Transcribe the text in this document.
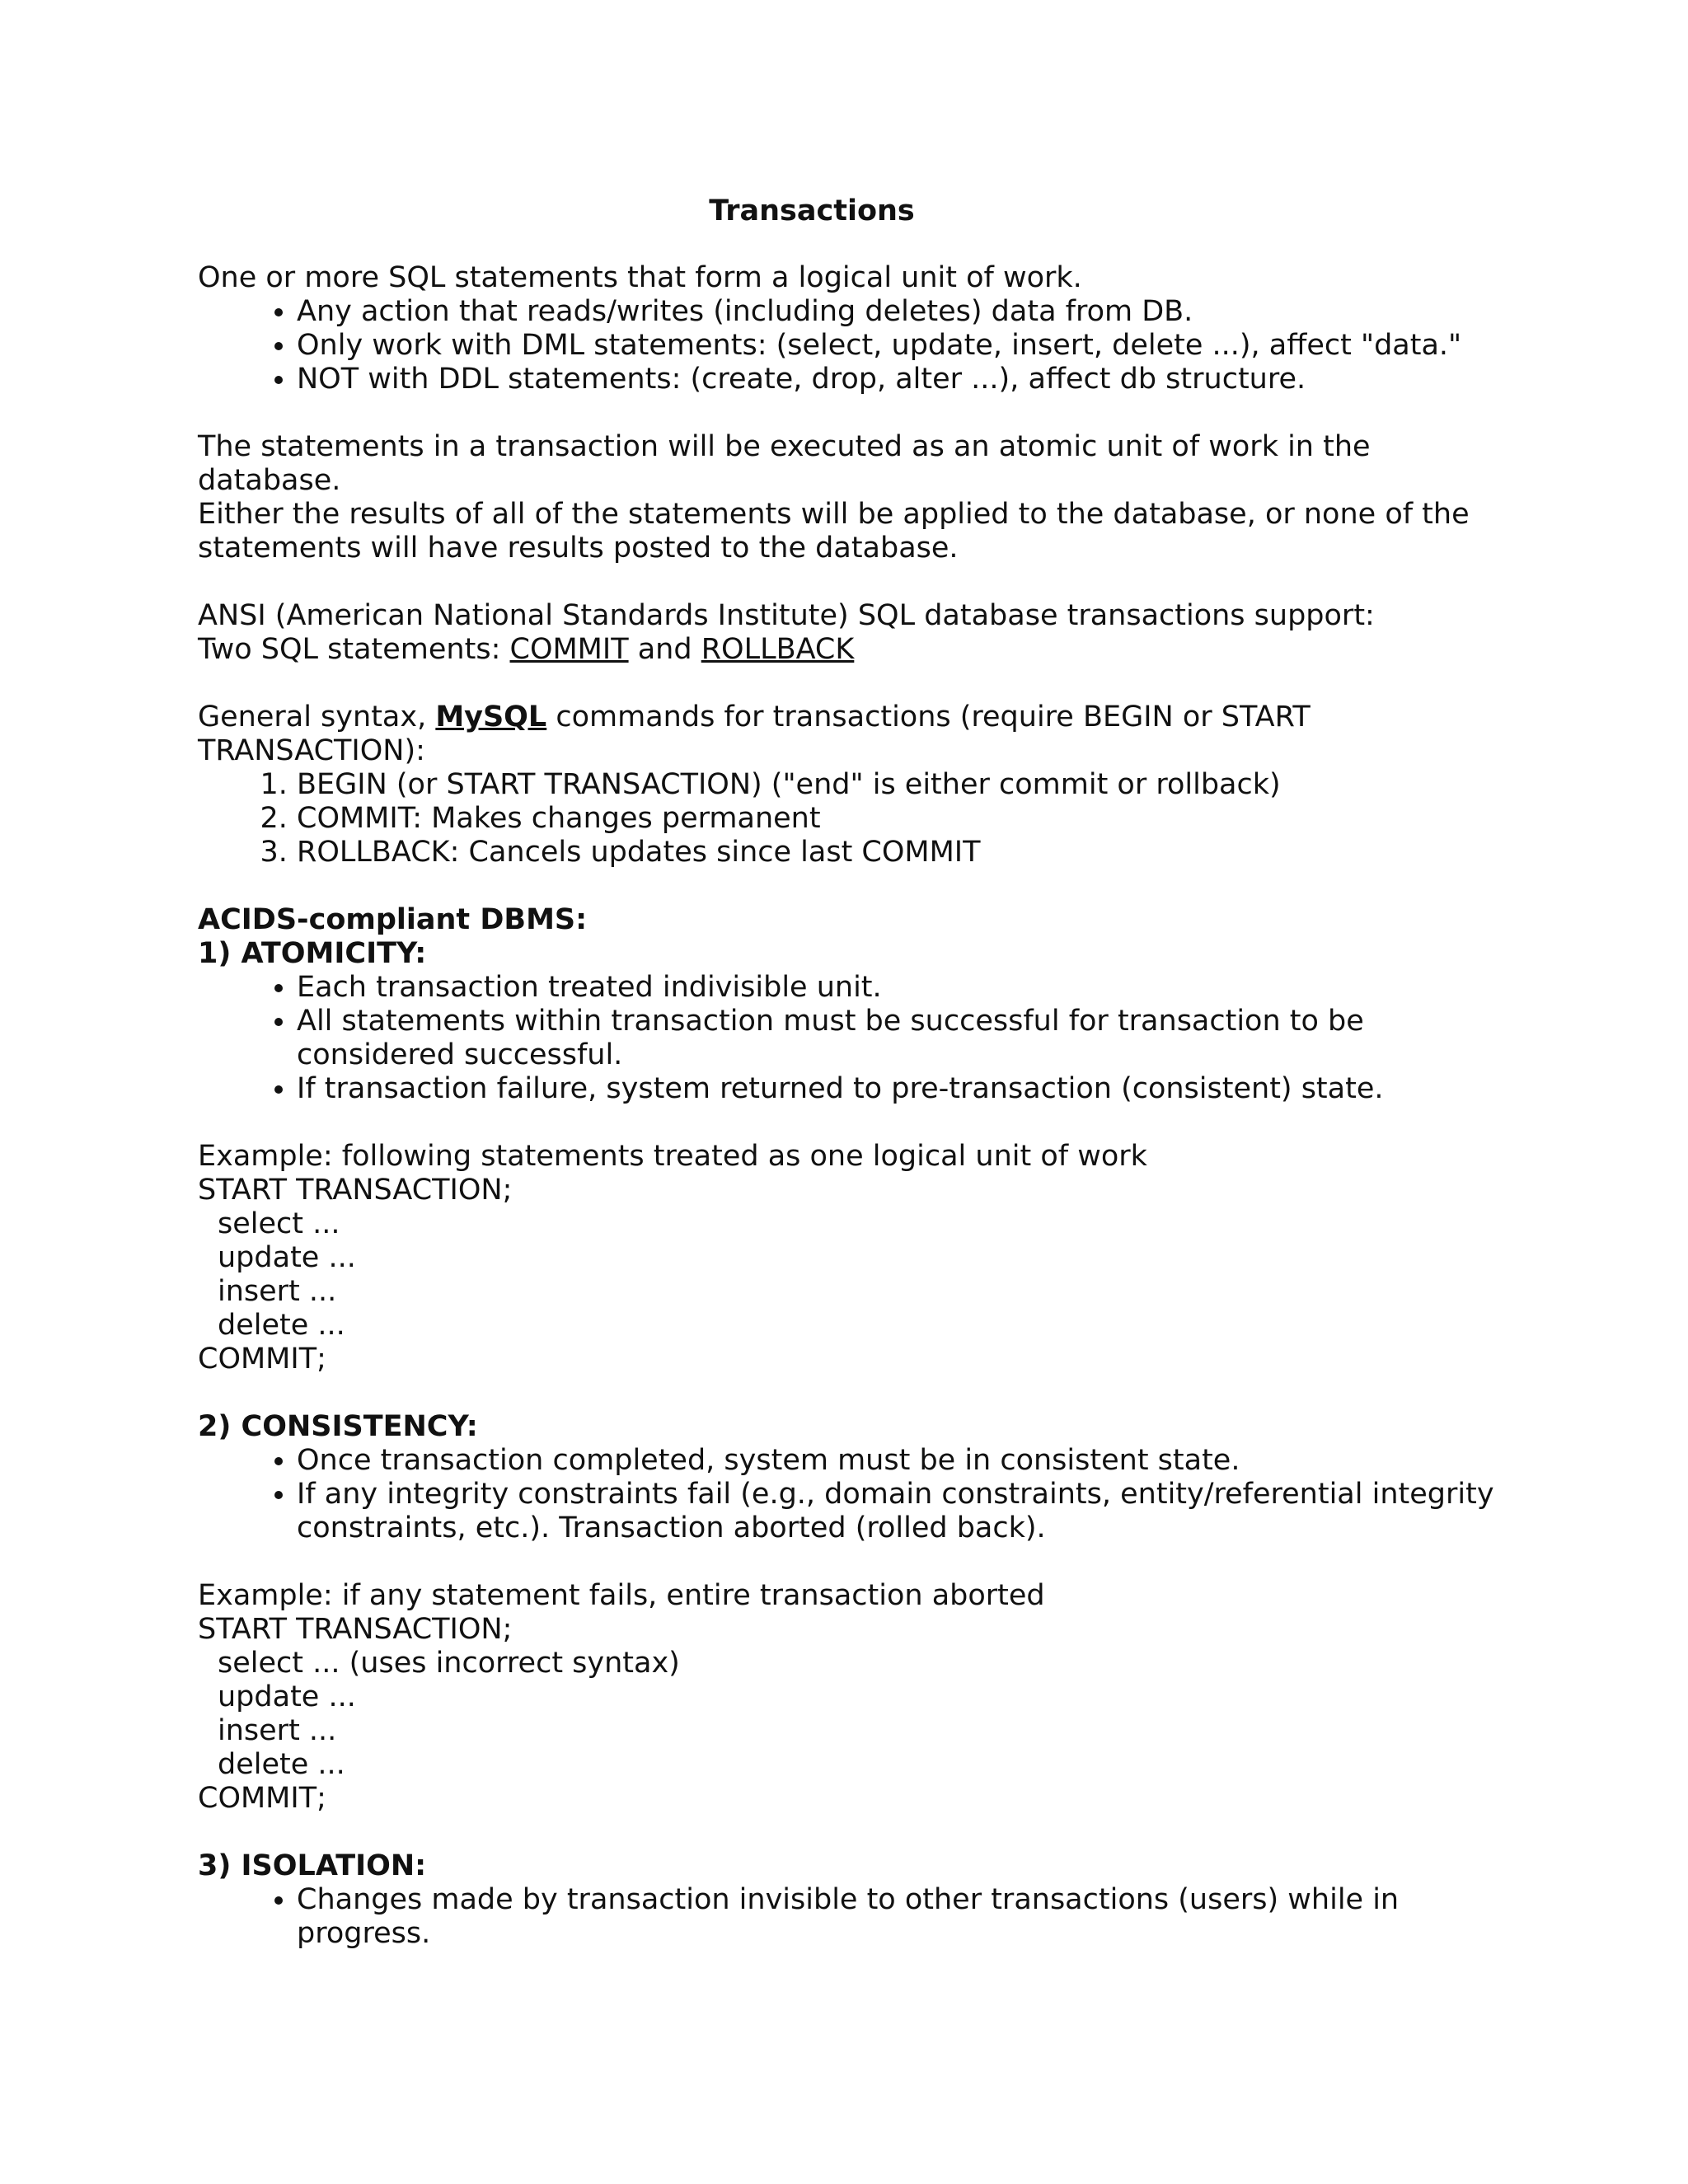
Transactions

One or more SQL statements that form a logical unit of work.

• Any action that reads/writes (including deletes) data from DB.
• Only work with DML statements: (select, update, insert, delete ...), affect "data."
• NOT with DDL statements: (create, drop, alter ...), affect db structure.

The statements in a transaction will be executed as an atomic unit of work in the database.

Either the results of all of the statements will be applied to the database, or none of the

statements will have results posted to the database.

ANSI (American National Standards Institute) SQL database transactions support:

Two SQL statements: COMMIT and ROLLBACK

General syntax, MySQL commands for transactions (require BEGIN or START

TRANSACTION):

1. BEGIN (or START TRANSACTION) ("end" is either commit or rollback)
2. COMMIT: Makes changes permanent
3. ROLLBACK: Cancels updates since last COMMIT

ACIDS-compliant DBMS:

1) ATOMICITY:

• Each transaction treated indivisible unit.
• All statements within transaction must be successful for transaction to be considered successful.
• If transaction failure, system returned to pre-transaction (consistent) state.

Example: following statements treated as one logical unit of work

START TRANSACTION;

select ...

update ...

insert ...

delete ...

COMMIT;

2) CONSISTENCY:

• Once transaction completed, system must be in consistent state.
• If any integrity constraints fail (e.g., domain constraints, entity/referential integrity constraints, etc.). Transaction aborted (rolled back).

Example: if any statement fails, entire transaction aborted

START TRANSACTION;

select ... (uses incorrect syntax)

update ...

insert ...

delete ...

COMMIT;

3) ISOLATION:

• Changes made by transaction invisible to other transactions (users) while in progress.
